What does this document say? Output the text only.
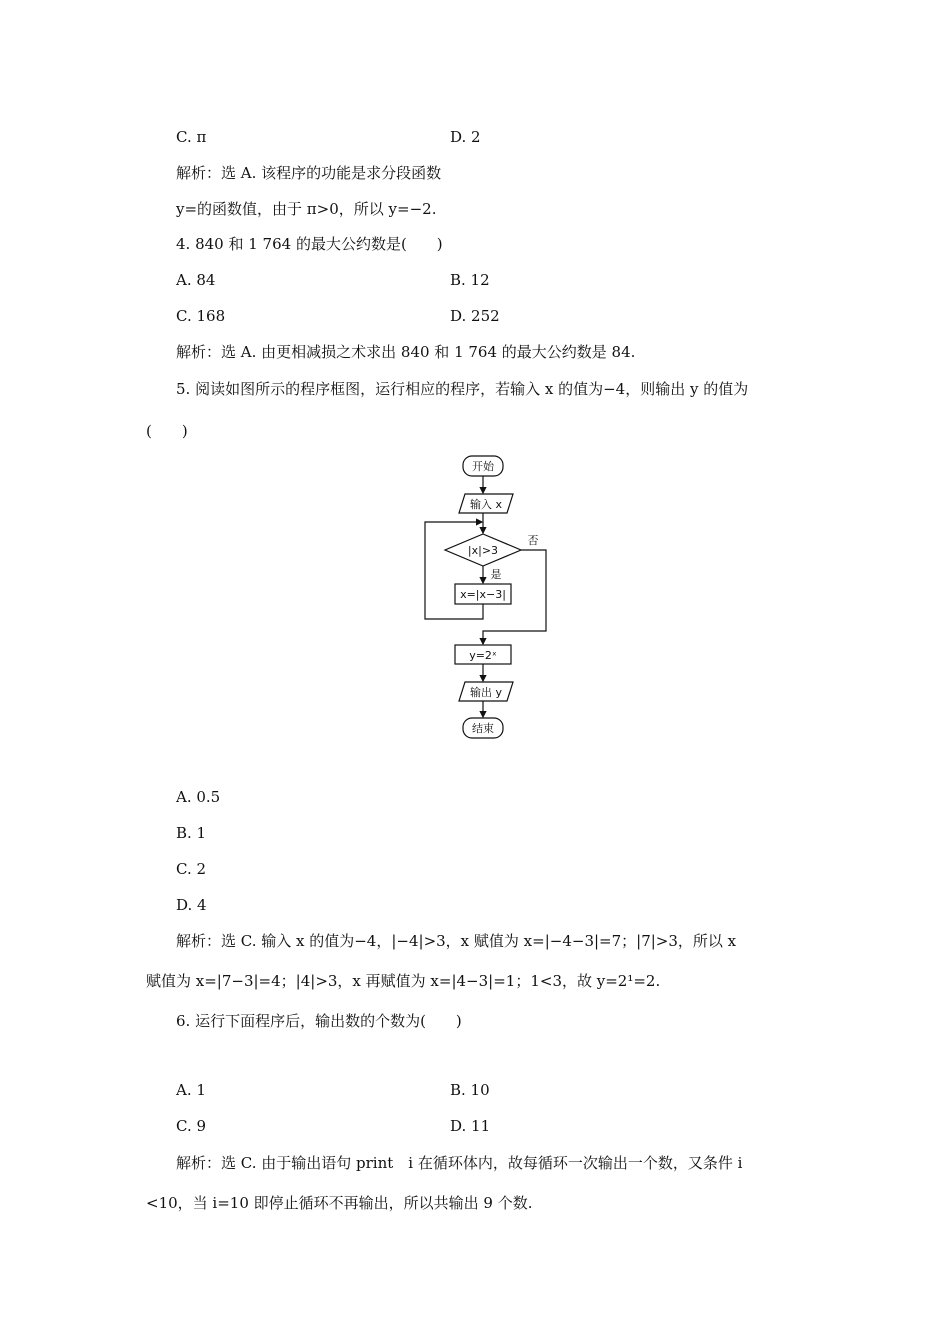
C. π	D. 2
解析：选 A. 该程序的功能是求分段函数
y=的函数值，由于 π>0，所以 y=−2.
4. 840 和 1 764 的最大公约数是(　　)
A. 84	B. 12
C. 168	D. 252
解析：选 A. 由更相减损之术求出 840 和 1 764 的最大公约数是 84.
5. 阅读如图所示的程序框图，运行相应的程序，若输入 x 的值为−4，则输出 y 的值为
(　　)
开始
输入 x
|x|>3
否
是
x=|x−3|
y=2ˣ
输出 y
结束
A. 0.5
B. 1
C. 2
D. 4
解析：选 C. 输入 x 的值为−4，|−4|>3，x 赋值为 x=|−4−3|=7；|7|>3，所以 x
赋值为 x=|7−3|=4；|4|>3，x 再赋值为 x=|4−3|=1；1<3，故 y=2¹=2.
6. 运行下面程序后，输出数的个数为(　　)
A. 1	B. 10
C. 9	D. 11
解析：选 C. 由于输出语句 print　i 在循环体内，故每循环一次输出一个数，又条件 i
<10，当 i=10 即停止循环不再输出，所以共输出 9 个数.
